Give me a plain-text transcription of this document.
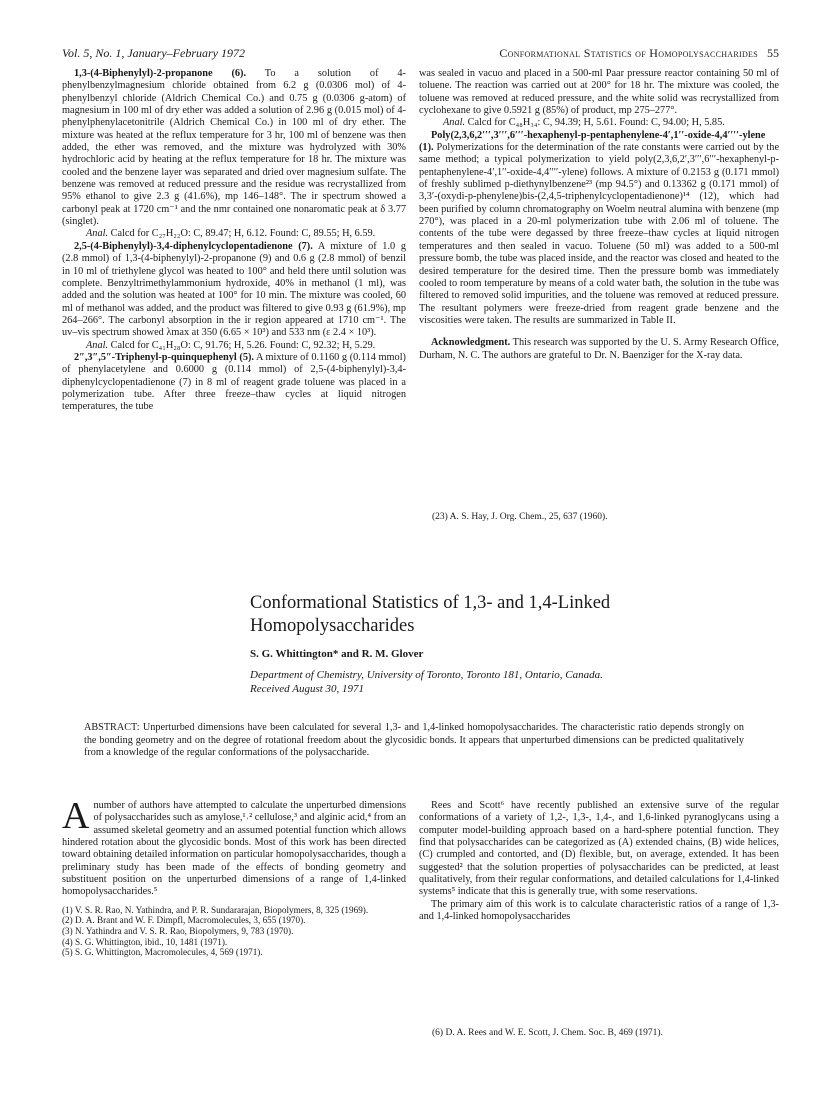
Vol. 5, No. 1, January–February 1972	Conformational Statistics of Homopolysaccharides 55

1,3-(4-Biphenylyl)-2-propanone (6). To a solution of 4-phenylbenzylmagnesium chloride obtained from 6.2 g (0.0306 mol) of 4-phenylbenzyl chloride (Aldrich Chemical Co.) and 0.75 g (0.0306 g-atom) of magnesium in 100 ml of dry ether was added a solution of 2.96 g (0.015 mol) of 4-phenylphenylacetonitrile (Aldrich Chemical Co.) in 100 ml of dry ether. The mixture was heated at the reflux temperature for 3 hr, 100 ml of benzene was then added, the ether was removed, and the mixture was hydrolyzed with 30% hydrochloric acid by heating at the reflux temperature for 18 hr. The mixture was cooled and the benzene layer was separated and dried over magnesium sulfate. The benzene was removed at reduced pressure and the residue was recrystallized from 95% ethanol to give 2.3 g (41.6%), mp 146–148°. The ir spectrum showed a carbonyl peak at 1720 cm⁻¹ and the nmr contained one nonaromatic peak at δ 3.77 (singlet).

Anal. Calcd for C₂₇H₂₂O: C, 89.47; H, 6.12. Found: C, 89.55; H, 6.59.

2,5-(4-Biphenylyl)-3,4-diphenylcyclopentadienone (7). A mixture of 1.0 g (2.8 mmol) of 1,3-(4-biphenylyl)-2-propanone (9) and 0.6 g (2.8 mmol) of benzil in 10 ml of triethylene glycol was heated to 100° and held there until solution was complete. Benzyltrimethylammonium hydroxide, 40% in methanol (1 ml), was added and the solution was heated at 100° for 10 min. The mixture was cooled, 60 ml of methanol was added, and the product was filtered to give 0.93 g (61.9%), mp 264–266°. The carbonyl absorption in the ir region appeared at 1710 cm⁻¹. The uv–vis spectrum showed λmax at 350 (6.65 × 10³) and 533 nm (ε 2.4 × 10³).

Anal. Calcd for C₄₁H₂₈O: C, 91.76; H, 5.26. Found: C, 92.32; H, 5.29.

2″,3″,5″-Triphenyl-p-quinquephenyl (5). A mixture of 0.1160 g (0.114 mmol) of phenylacetylene and 0.6000 g (0.114 mmol) of 2,5-(4-biphenylyl)-3,4-diphenylcyclopentadienone (7) in 8 ml of reagent grade toluene was placed in a polymerization tube. After three freeze–thaw cycles at liquid nitrogen temperatures, the tube

was sealed in vacuo and placed in a 500-ml Paar pressure reactor containing 50 ml of toluene. The reaction was carried out at 200° for 18 hr. The mixture was cooled, the toluene was removed at reduced pressure, and the white solid was recrystallized from cyclohexane to give 0.5921 g (85%) of product, mp 275–277°.

Anal. Calcd for C₄₈H₃₄: C, 94.39; H, 5.61. Found: C, 94.00; H, 5.85.

Poly(2,3,6,2′′′,3′′′,6′′′-hexaphenyl-p-pentaphenylene-4′,1′′-oxide-4,4′′′′-ylene (1). Polymerizations for the determination of the rate constants were carried out by the same method; a typical polymerization to yield poly(2,3,6,2′,3′′′,6′′′-hexaphenyl-p-pentaphenylene-4′,1′′-oxide-4,4′′′′-ylene) follows. A mixture of 0.2153 g (0.171 mmol) of freshly sublimed p-diethynylbenzene²³ (mp 94.5°) and 0.13362 g (0.171 mmol) of 3,3′-(oxydi-p-phenylene)bis-(2,4,5-triphenylcyclopentadienone)¹⁴ (12), which had been purified by column chromatography on Woelm neutral alumina with benzene (mp 270°), was placed in a 20-ml polymerization tube with 2.06 ml of toluene. The contents of the tube were degassed by three freeze–thaw cycles at liquid nitrogen temperatures and then sealed in vacuo. Toluene (50 ml) was added to a 500-ml pressure bomb, the tube was placed inside, and the reactor was closed and heated to the desired temperature for the desired time. Then the pressure bomb was immediately cooled to room temperature by means of a cold water bath, the solution in the tube was filtered to removed solid impurities, and the toluene was removed at reduced pressure. The resultant polymers were freeze-dried from reagent grade benzene and the viscosities were taken. The results are summarized in Table II.

Acknowledgment. This research was supported by the U. S. Army Research Office, Durham, N. C. The authors are grateful to Dr. N. Baenziger for the X-ray data.

(23) A. S. Hay, J. Org. Chem., 25, 637 (1960).
Conformational Statistics of 1,3- and 1,4-Linked
Homopolysaccharides
S. G. Whittington* and R. M. Glover
Department of Chemistry, University of Toronto, Toronto 181, Ontario, Canada.
Received August 30, 1971
ABSTRACT: Unperturbed dimensions have been calculated for several 1,3- and 1,4-linked homopolysaccharides. The characteristic ratio depends strongly on the bonding geometry and on the degree of rotational freedom about the glycosidic bonds. It appears that unperturbed dimensions can be predicted qualitatively from a knowledge of the regular conformations of the polysaccharide.

A number of authors have attempted to calculate the unperturbed dimensions of polysaccharides such as amylose,¹˒² cellulose,³ and alginic acid,⁴ from an assumed skeletal geometry and an assumed potential function which allows hindered rotation about the glycosidic bonds. Most of this work has been directed toward obtaining detailed information on particular homopolysaccharides, though a preliminary study has been made of the effects of bonding geometry and substituent position on the unperturbed dimensions of a range of 1,4-linked homopolysaccharides.⁵

(1) V. S. R. Rao, N. Yathindra, and P. R. Sundararajan, Biopolymers, 8, 325 (1969).
(2) D. A. Brant and W. F. Dimpfl, Macromolecules, 3, 655 (1970).
(3) N. Yathindra and V. S. R. Rao, Biopolymers, 9, 783 (1970).
(4) S. G. Whittington, ibid., 10, 1481 (1971).
(5) S. G. Whittington, Macromolecules, 4, 569 (1971).

Rees and Scott⁶ have recently published an extensive surve of the regular conformations of a variety of 1,2-, 1,3-, 1,4-, and 1,6-linked pyranoglycans using a computer model-building approach based on a hard-sphere potential function. They find that polysaccharides can be categorized as (A) extended chains, (B) wide helices, (C) crumpled and contorted, and (D) flexible, but, on average, extended. It has been suggested² that the solution properties of polysaccharides can be predicted, at least qualitatively, from their regular conformations, and detailed calculations for 1,4-linked systems⁵ indicate that this is generally true, with some reservations.

The primary aim of this work is to calculate characteristic ratios of a range of 1,3- and 1,4-linked homopolysaccharides

(6) D. A. Rees and W. E. Scott, J. Chem. Soc. B, 469 (1971).
